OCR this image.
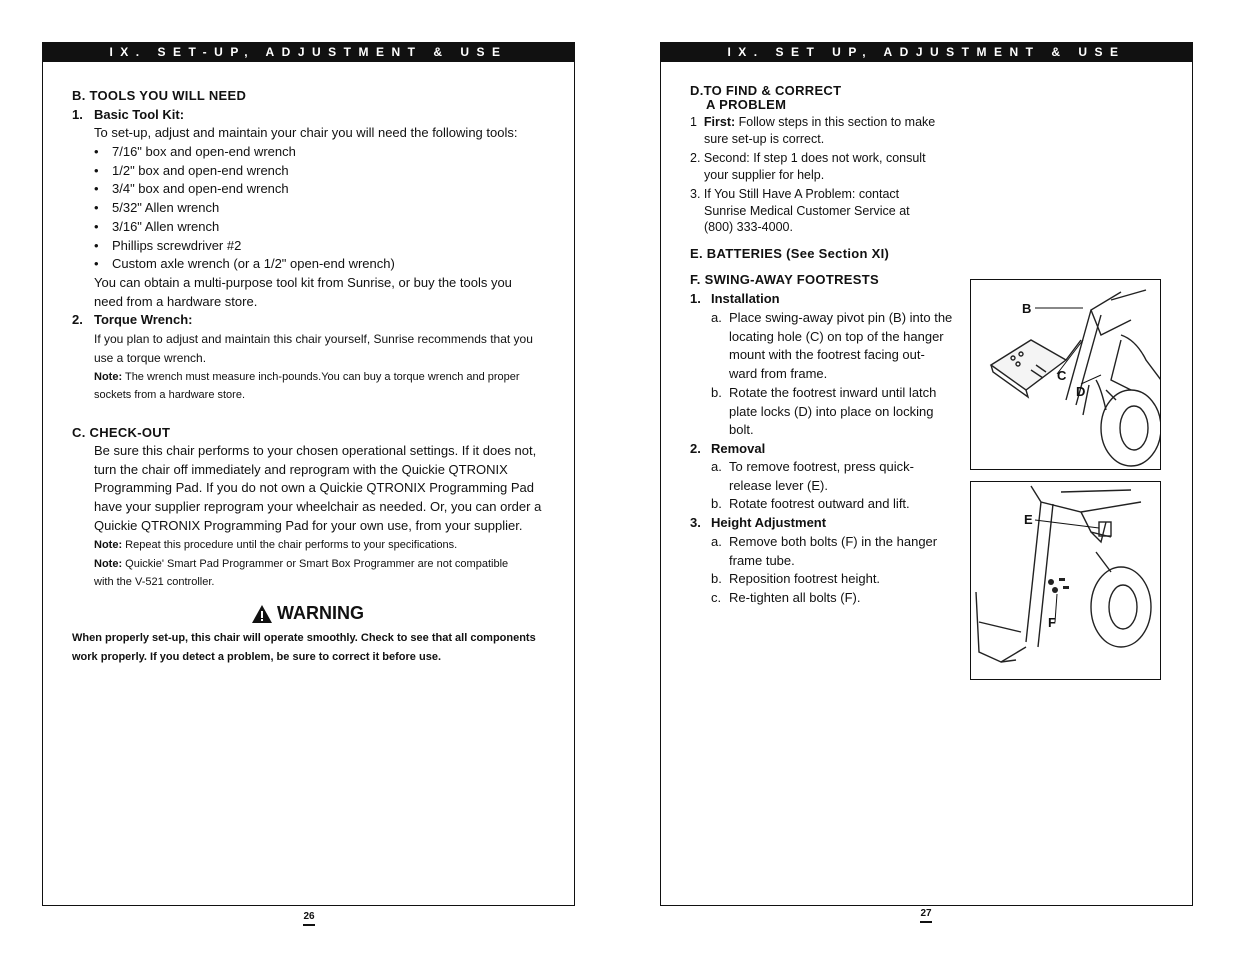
IX. SET-UP, ADJUSTMENT & USE
B. TOOLS YOU WILL NEED
1. Basic Tool Kit:
To set-up, adjust and maintain your chair you will need the following tools:
• 7/16" box and open-end wrench
• 1/2" box and open-end wrench
• 3/4" box and open-end wrench
• 5/32" Allen wrench
• 3/16" Allen wrench
• Phillips screwdriver #2
• Custom axle wrench (or a 1/2" open-end wrench)
You can obtain a multi-purpose tool kit from Sunrise, or buy the tools you
need from a hardware store.
2. Torque Wrench:
If you plan to adjust and maintain this chair yourself, Sunrise recommends that you
use a torque wrench.
Note: The wrench must measure inch-pounds.You can buy a torque wrench and proper
sockets from a hardware store.
C. CHECK-OUT
Be sure this chair performs to your chosen operational settings. If it does not,
turn the chair off immediately and reprogram with the Quickie QTRONIX
Programming Pad. If you do not own a Quickie QTRONIX Programming Pad
have your supplier reprogram your wheelchair as needed. Or, you can order a
Quickie QTRONIX Programming Pad for your own use, from your supplier.
Note: Repeat this procedure until the chair performs to your specifications.
Note: Quickie' Smart Pad Programmer or Smart Box Programmer are not compatible
with the V-521 controller.
WARNING
When properly set-up, this chair will operate smoothly. Check to see that all components
work properly. If you detect a problem, be sure to correct it before use.
26
IX. SET UP, ADJUSTMENT & USE
D.TO FIND & CORRECT
A PROBLEM
1 First: Follow steps in this section to make
sure set-up is correct.
2. Second: If step 1 does not work, consult
your supplier for help.
3. If You Still Have A Problem: contact
Sunrise Medical Customer Service at
(800) 333-4000.
E. BATTERIES (See Section XI)
F. SWING-AWAY FOOTRESTS
1. Installation
a. Place swing-away pivot pin (B) into the
locating hole (C) on top of the hanger
mount with the footrest facing out-
ward from frame.
b. Rotate the footrest inward until latch
plate locks (D) into place on locking
bolt.
2. Removal
a. To remove footrest, press quick-
release lever (E).
b. Rotate footrest outward and lift.
3. Height Adjustment
a. Remove both bolts (F) in the hanger
frame tube.
b. Reposition footrest height.
c. Re-tighten all bolts (F).
B
C
D
E
F
27
